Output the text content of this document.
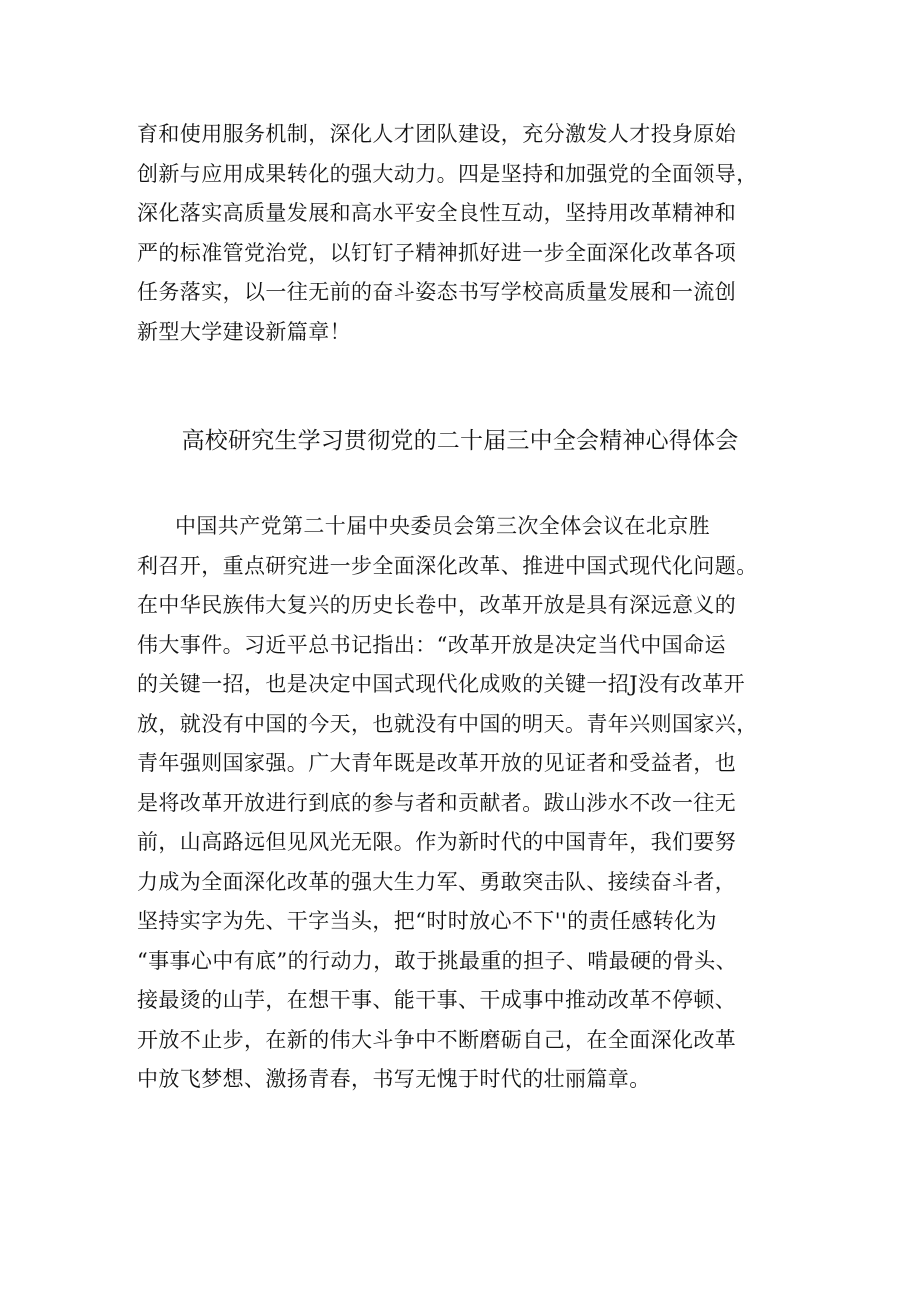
育和使用服务机制，深化人才团队建设，充分激发人才投身原始
创新与应用成果转化的强大动力。四是坚持和加强党的全面领导，
深化落实高质量发展和高水平安全良性互动，坚持用改革精神和
严的标准管党治党，以钉钉子精神抓好进一步全面深化改革各项
任务落实，以一往无前的奋斗姿态书写学校高质量发展和一流创
新型大学建设新篇章！
高校研究生学习贯彻党的二十届三中全会精神心得体会
中国共产党第二十届中央委员会第三次全体会议在北京胜
利召开，重点研究进一步全面深化改革、推进中国式现代化问题。
在中华民族伟大复兴的历史长卷中，改革开放是具有深远意义的
伟大事件。习近平总书记指出：“改革开放是决定当代中国命运
的关键一招，也是决定中国式现代化成败的关键一招J没有改革开
放，就没有中国的今天，也就没有中国的明天。青年兴则国家兴，
青年强则国家强。广大青年既是改革开放的见证者和受益者，也
是将改革开放进行到底的参与者和贡献者。跋山涉水不改一往无
前，山高路远但见风光无限。作为新时代的中国青年，我们要努
力成为全面深化改革的强大生力军、勇敢突击队、接续奋斗者，
坚持实字为先、干字当头，把“时时放心不下''的责任感转化为
“事事心中有底”的行动力，敢于挑最重的担子、啃最硬的骨头、
接最烫的山芋，在想干事、能干事、干成事中推动改革不停顿、
开放不止步，在新的伟大斗争中不断磨砺自己，在全面深化改革
中放飞梦想、激扬青春，书写无愧于时代的壮丽篇章。
